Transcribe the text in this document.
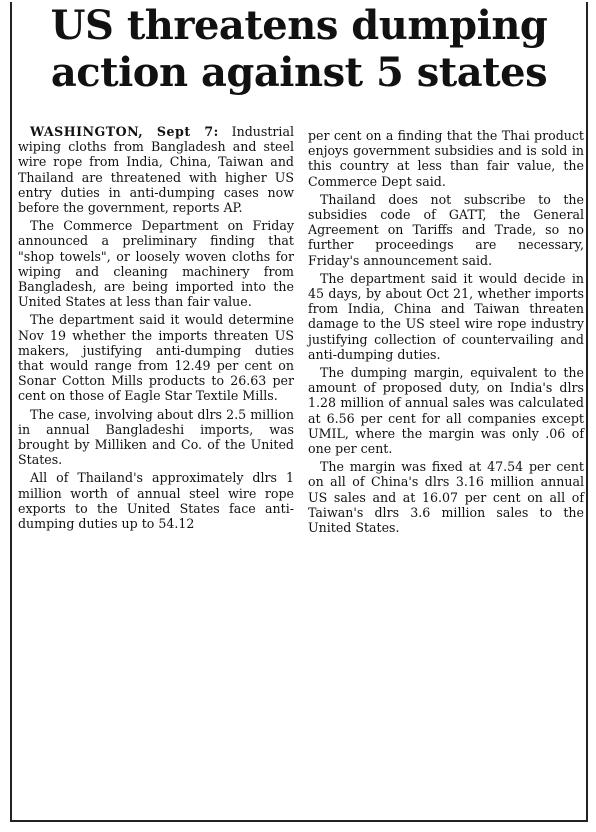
US threatens dumping
action against 5 states

WASHINGTON, Sept 7: Industrial wiping cloths from Bangladesh and steel wire rope from India, China, Taiwan and Thailand are threatened with higher US entry duties in anti-dumping cases now before the government, reports AP.

The Commerce Department on Friday announced a preliminary finding that "shop towels", or loosely woven cloths for wiping and cleaning machinery from Bangladesh, are being imported into the United States at less than fair value.

The department said it would determine Nov 19 whether the imports threaten US makers, justifying anti-dumping duties that would range from 12.49 per cent on Sonar Cotton Mills products to 26.63 per cent on those of Eagle Star Textile Mills.

The case, involving about dlrs 2.5 million in annual Bangladeshi imports, was brought by Milliken and Co. of the United States.

All of Thailand's approximately dlrs 1 million worth of annual steel wire rope exports to the United States face anti-dumping duties up to 54.12

per cent on a finding that the Thai product enjoys government subsidies and is sold in this country at less than fair value, the Commerce Dept said.

Thailand does not subscribe to the subsidies code of GATT, the General Agreement on Tariffs and Trade, so no further proceedings are necessary, Friday's announcement said.

The department said it would decide in 45 days, by about Oct 21, whether imports from India, China and Taiwan threaten damage to the US steel wire rope industry justifying collection of countervailing and anti-dumping duties.

The dumping margin, equivalent to the amount of proposed duty, on India's dlrs 1.28 million of annual sales was calculated at 6.56 per cent for all companies except UMIL, where the margin was only .06 of one per cent.

The margin was fixed at 47.54 per cent on all of China's dlrs 3.16 million annual US sales and at 16.07 per cent on all of Taiwan's dlrs 3.6 million sales to the United States.
